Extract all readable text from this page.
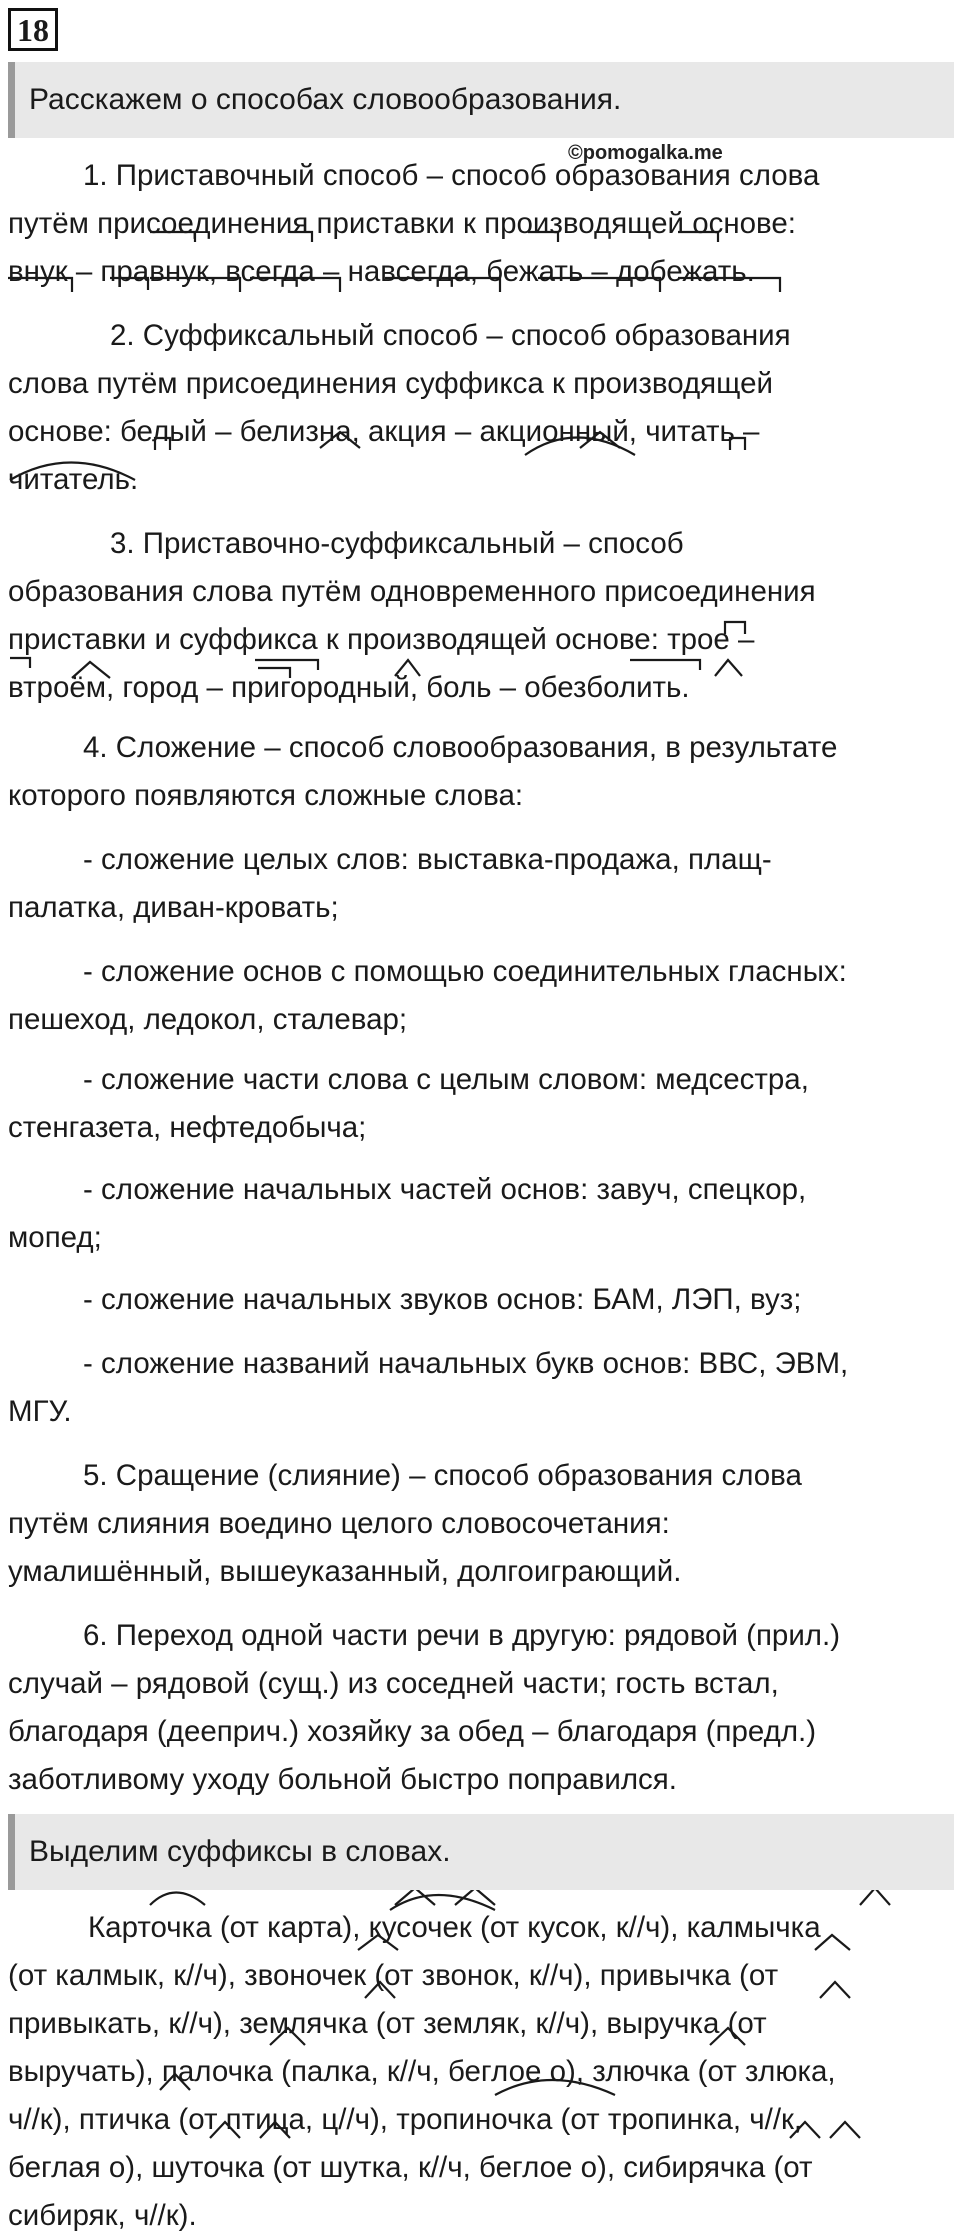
18
Расскажем о способах словообразования.
©pomogalka.me
1. Приставочный способ – способ образования слова
путём присоединения приставки к производящей основе:
внук – правнук, всегда – навсегда, бежать – добежать.
2. Суффиксальный способ – способ образования
слова путём присоединения суффикса к производящей
основе: белый – белизна, акция – акционный, читать –
читатель.
3. Приставочно-суффиксальный – способ
образования слова путём одновременного присоединения
приставки и суффикса к производящей основе: трое –
втроём, город – пригородный, боль – обезболить.
4. Сложение – способ словообразования, в результате
которого появляются сложные слова:
- сложение целых слов: выставка-продажа, плащ-
палатка, диван-кровать;
- сложение основ с помощью соединительных гласных:
пешеход, ледокол, сталевар;
- сложение части слова с целым словом: медсестра,
стенгазета, нефтедобыча;
- сложение начальных частей основ: завуч, спецкор,
мопед;
- сложение начальных звуков основ: БАМ, ЛЭП, вуз;
- сложение названий начальных букв основ: ВВС, ЭВМ,
МГУ.
5. Сращение (слияние) – способ образования слова
путём слияния воедино целого словосочетания:
умалишённый, вышеуказанный, долгоиграющий.
6. Переход одной части речи в другую: рядовой (прил.)
случай – рядовой (сущ.) из соседней части; гость встал,
благодаря (дееприч.) хозяйку за обед – благодаря (предл.)
заботливому уходу больной быстро поправился.
Выделим суффиксы в словах.
Карточка (от карта), кусочек (от кусок, к//ч), калмычка
(от калмык, к//ч), звоночек (от звонок, к//ч), привычка (от
привыкать, к//ч), землячка (от земляк, к//ч), выручка (от
выручать), палочка (палка, к//ч, беглое о), злючка (от злюка,
ч//к), птичка (от птица, ц//ч), тропиночка (от тропинка, ч//к,
беглая о), шуточка (от шутка, к//ч, беглое о), сибирячка (от
сибиряк, ч//к).
